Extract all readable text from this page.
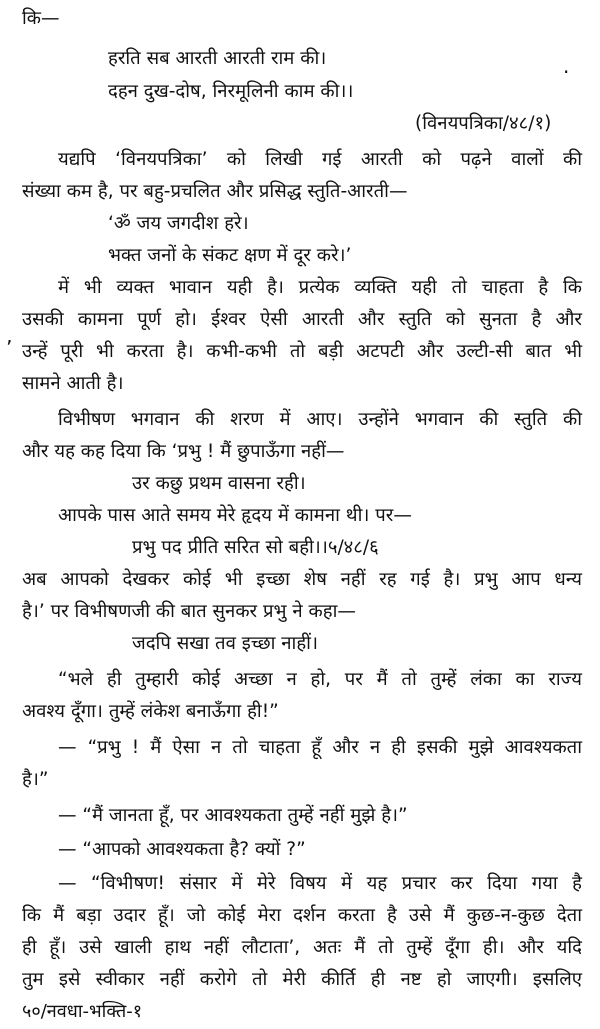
कि—
हरति सब आरती आरती राम की।
·
दहन दुख-दोष, निरमूलिनी काम की।।
(विनयपत्रिका/४८/१)
यद्यपि ‘विनयपत्रिका’ को लिखी गई आरती को पढ़ने वालों की
संख्या कम है, पर बहु-प्रचलित और प्रसिद्ध स्तुति-आरती—
‘ॐ जय जगदीश हरे।
भक्त जनों के संकट क्षण में दूर करे।’
में भी व्यक्त भावान यही है। प्रत्येक व्यक्ति यही तो चाहता है कि
उसकी कामना पूर्ण हो। ईश्वर ऐसी आरती और स्तुति को सुनता है और
’ उन्हें पूरी भी करता है। कभी-कभी तो बड़ी अटपटी और उल्टी-सी बात भी
सामने आती है।
विभीषण भगवान की शरण में आए। उन्होंने भगवान की स्तुति की
और यह कह दिया कि ‘प्रभु ! मैं छुपाऊँगा नहीं—
उर कछु प्रथम वासना रही।
आपके पास आते समय मेरे हृदय में कामना थी। पर—
प्रभु पद प्रीति सरित सो बही।।५/४८/६
अब आपको देखकर कोई भी इच्छा शेष नहीं रह गई है। प्रभु आप धन्य
है।’ पर विभीषणजी की बात सुनकर प्रभु ने कहा—
जदपि सखा तव इच्छा नाहीं।
“भले ही तुम्हारी कोई अच्छा न हो, पर मैं तो तुम्हें लंका का राज्य
अवश्य दूँगा। तुम्हें लंकेश बनाऊँगा ही!”
— “प्रभु ! मैं ऐसा न तो चाहता हूँ और न ही इसकी मुझे आवश्यकता
है।”
— “मैं जानता हूँ, पर आवश्यकता तुम्हें नहीं मुझे है।”
— “आपको आवश्यकता है? क्यों ?”
— “विभीषण! संसार में मेरे विषय में यह प्रचार कर दिया गया है
कि मैं बड़ा उदार हूँ। जो कोई मेरा दर्शन करता है उसे मैं कुछ-न-कुछ देता
ही हूँ। उसे खाली हाथ नहीं लौटाता’, अतः मैं तो तुम्हें दूँगा ही। और यदि
तुम इसे स्वीकार नहीं करोगे तो मेरी कीर्ति ही नष्ट हो जाएगी। इसलिए
५०/नवधा-भक्ति-१
